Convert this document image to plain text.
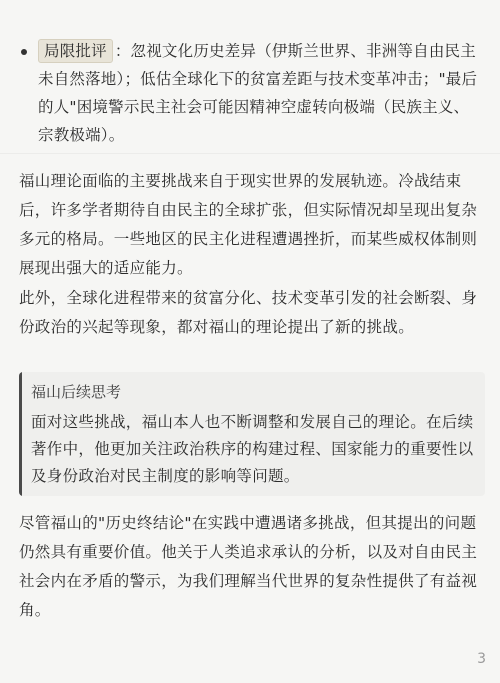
局限批评 ：忽视文化历史差异（伊斯兰世界、非洲等自由民主未自然落地）；低估全球化下的贫富差距与技术变革冲击；"最后的人"困境警示民主社会可能因精神空虚转向极端（民族主义、宗教极端）。

福山理论面临的主要挑战来自于现实世界的发展轨迹。冷战结束后，许多学者期待自由民主的全球扩张，但实际情况却呈现出复杂多元的格局。一些地区的民主化进程遭遇挫折，而某些威权体制则展现出强大的适应能力。

此外，全球化进程带来的贫富分化、技术变革引发的社会断裂、身份政治的兴起等现象，都对福山的理论提出了新的挑战。

福山后续思考
面对这些挑战，福山本人也不断调整和发展自己的理论。在后续著作中，他更加关注政治秩序的构建过程、国家能力的重要性以及身份政治对民主制度的影响等问题。

尽管福山的"历史终结论"在实践中遭遇诸多挑战，但其提出的问题仍然具有重要价值。他关于人类追求承认的分析，以及对自由民主社会内在矛盾的警示，为我们理解当代世界的复杂性提供了有益视角。

3
